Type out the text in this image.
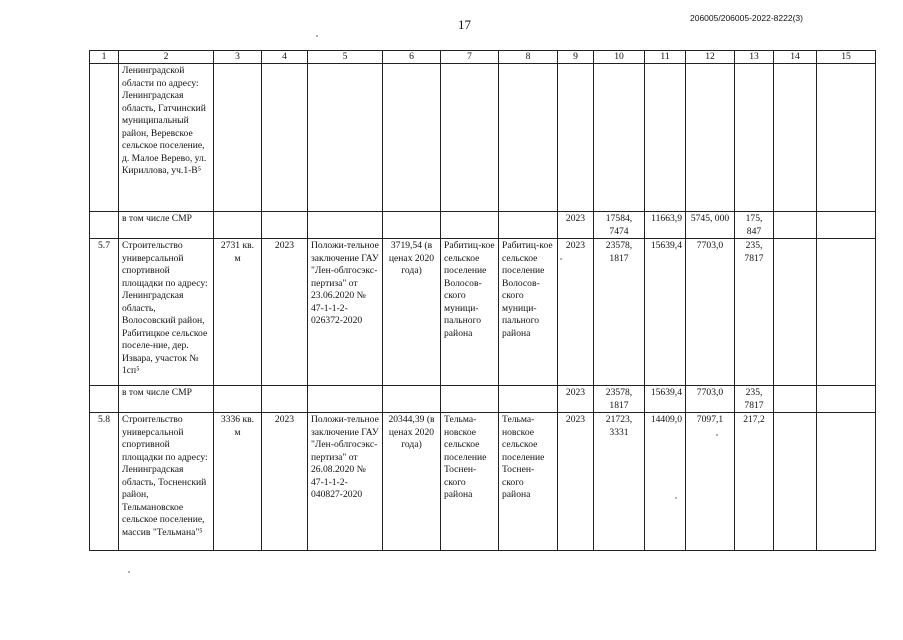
17	206005/206005-2022-8222(3)
1	2	3	4	5	6	7	8	9	10	11	12	13	14	15
	Ленинградской области по адресу: Ленинградская область, Гатчинский муниципальный район, Веревское сельское поселение, д. Малое Верево, ул. Кириллова, уч.1-В⁵													
	в том числе СМР							2023	17584, 7474	11663,9	5745, 000	175, 847		
5.7	Строительство универсальной спортивной площадки по адресу: Ленинградская область, Волосовский район, Рабитицкое сельское поселе-ние, дер. Извара, участок № 1сп⁵	2731 кв. м	2023	Положи-тельное заключение ГАУ "Лен-облгосэкс-пертиза" от 23.06.2020 № 47-1-1-2-026372-2020	3719,54 (в ценах 2020 года)	Рабитиц-кое сельское поселение Волосов-ского муници-пального района	Рабитиц-кое сельское поселение Волосов-ского муници-пального района	2023	23578, 1817	15639,4	7703,0	235, 7817		
	в том числе СМР							2023	23578, 1817	15639,4	7703,0	235, 7817		
5.8	Строительство универсальной спортивной площадки по адресу: Ленинградская область, Тосненский район, Тельмановское сельское поселение, массив "Тельмана"⁵	3336 кв. м	2023	Положи-тельное заключение ГАУ "Лен-облгосэкс-пертиза" от 26.08.2020 № 47-1-1-2-040827-2020	20344,39 (в ценах 2020 года)	Тельма-новское сельское поселение Тоснен-ского района	Тельма-новское сельское поселение Тоснен-ского района	2023	21723, 3331	14409,0	7097,1	217,2		
